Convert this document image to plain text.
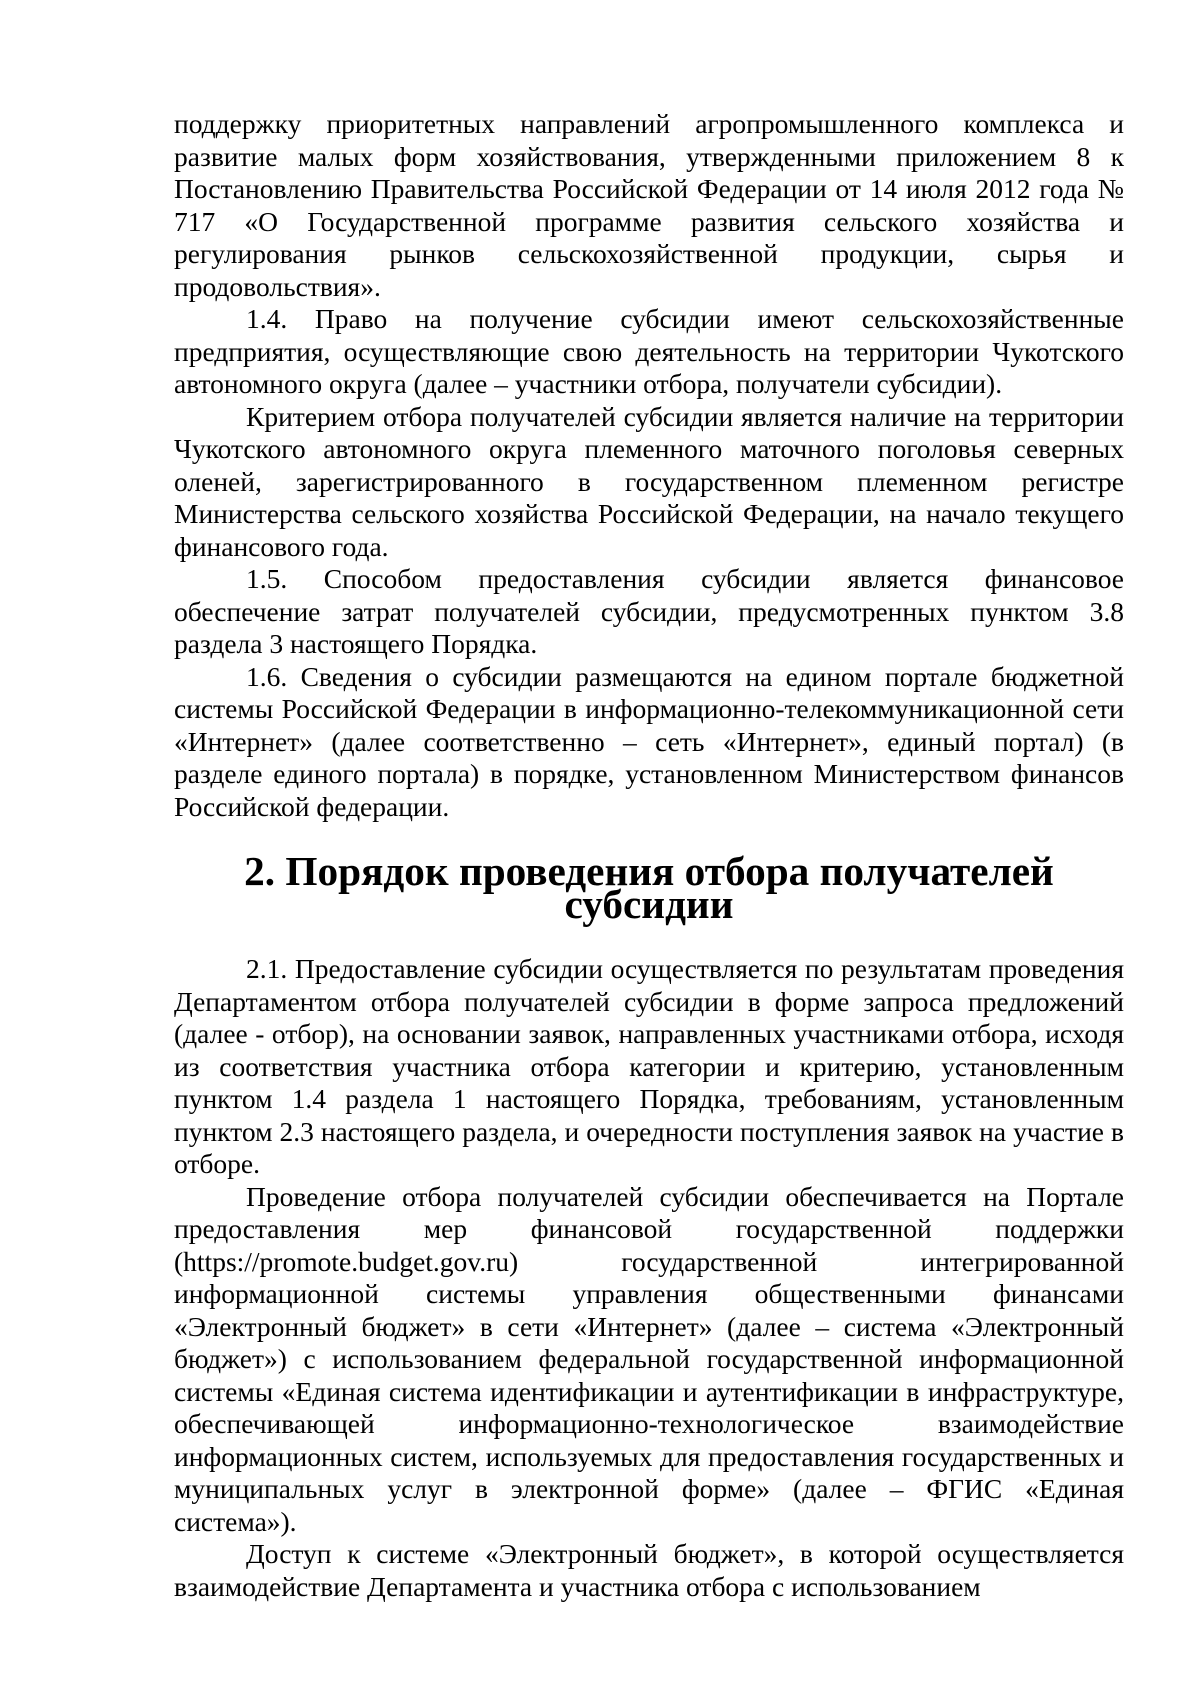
поддержку приоритетных направлений агропромышленного комплекса и развитие малых форм хозяйствования, утвержденными приложением 8 к Постановлению Правительства Российской Федерации от 14 июля 2012 года № 717 «О Государственной программе развития сельского хозяйства и регулирования рынков сельскохозяйственной продукции, сырья и продовольствия».

1.4. Право на получение субсидии имеют сельскохозяйственные предприятия, осуществляющие свою деятельность на территории Чукотского автономного округа (далее – участники отбора, получатели субсидии).

Критерием отбора получателей субсидии является наличие на территории Чукотского автономного округа племенного маточного поголовья северных оленей, зарегистрированного в государственном племенном регистре Министерства сельского хозяйства Российской Федерации, на начало текущего финансового года.

1.5. Способом предоставления субсидии является финансовое обеспечение затрат получателей субсидии, предусмотренных пунктом 3.8 раздела 3 настоящего Порядка.

1.6. Сведения о субсидии размещаются на едином портале бюджетной системы Российской Федерации в информационно-телекоммуникационной сети «Интернет» (далее соответственно – сеть «Интернет», единый портал) (в разделе единого портала) в порядке, установленном Министерством финансов Российской федерации.

2. Порядок проведения отбора получателей субсидии

2.1. Предоставление субсидии осуществляется по результатам проведения Департаментом отбора получателей субсидии в форме запроса предложений (далее - отбор), на основании заявок, направленных участниками отбора, исходя из соответствия участника отбора категории и критерию, установленным пунктом 1.4 раздела 1 настоящего Порядка, требованиям, установленным пунктом 2.3 настоящего раздела, и очередности поступления заявок на участие в отборе.

Проведение отбора получателей субсидии обеспечивается на Портале предоставления мер финансовой государственной поддержки (https://promote.budget.gov.ru) государственной интегрированной информационной системы управления общественными финансами «Электронный бюджет» в сети «Интернет» (далее – система «Электронный бюджет») с использованием федеральной государственной информационной системы «Единая система идентификации и аутентификации в инфраструктуре, обеспечивающей информационно-технологическое взаимодействие информационных систем, используемых для предоставления государственных и муниципальных услуг в электронной форме» (далее – ФГИС «Единая система»).

Доступ к системе «Электронный бюджет», в которой осуществляется взаимодействие Департамента и участника отбора с использованием
